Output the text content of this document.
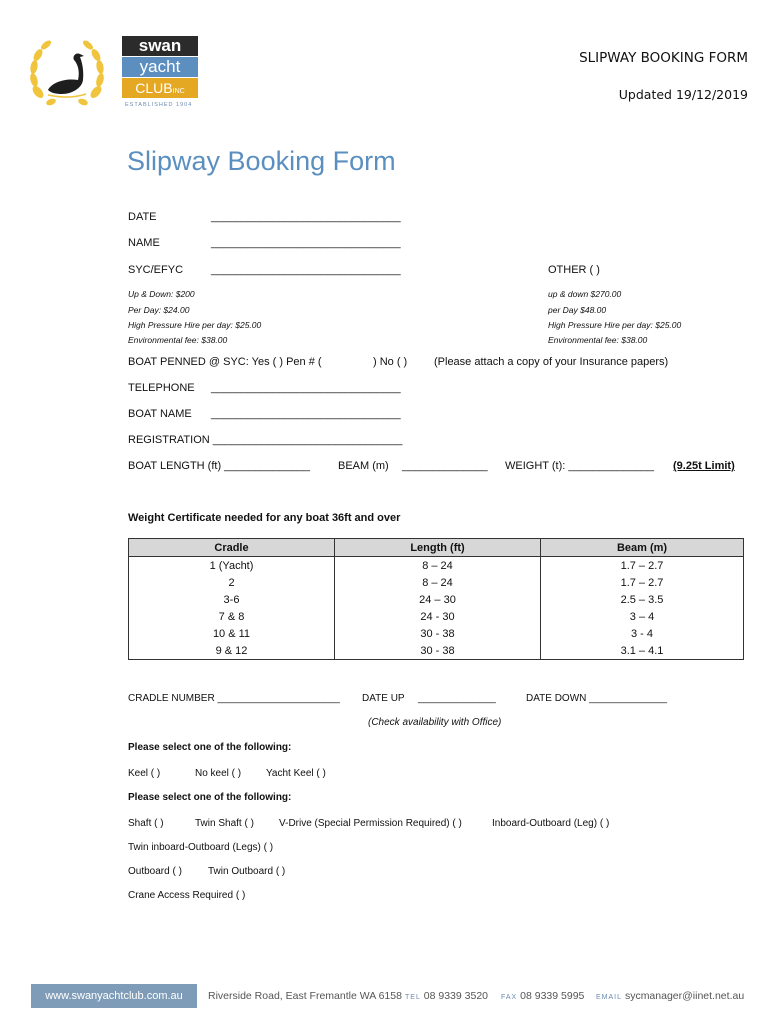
swan
yacht
CLUBINC
ESTABLISHED 1904
SLIPWAY BOOKING FORM
Updated 19/12/2019
Slipway Booking Form
DATE	_______________________________
NAME	_______________________________
SYC/EFYC	_______________________________	OTHER ( )
Up & Down: $200
Per Day: $24.00
High Pressure Hire per day: $25.00
Environmental fee: $38.00
up & down $270.00
per Day $48.00
High Pressure Hire per day: $25.00
Environmental fee: $38.00
BOAT PENNED @ SYC: Yes ( ) Pen # (	) No ( ) (Please attach a copy of your Insurance papers)
TELEPHONE _______________________________
BOAT NAME _______________________________
REGISTRATION _______________________________
BOAT LENGTH (ft) ______________	BEAM (m) ______________ WEIGHT (t): ______________ (9.25t Limit)
Weight Certificate needed for any boat 36ft and over
Cradle	Length (ft)	Beam (m)
1 (Yacht)	8 – 24	1.7 – 2.7
2	8 – 24	1.7 – 2.7
3-6	24 – 30	2.5 – 3.5
7 & 8	24 - 30	3 – 4
10 & 11	30 - 38	3 - 4
9 & 12	30 - 38	3.1 – 4.1
CRADLE NUMBER ______________________ DATE UP ______________	DATE DOWN ______________
(Check availability with Office)
Please select one of the following:
Keel ( )	No keel ( ) Yacht Keel ( )
Please select one of the following:
Shaft ( )	Twin Shaft ( )	V-Drive (Special Permission Required) ( )	Inboard-Outboard (Leg) ( )
Twin inboard-Outboard (Legs) ( )
Outboard ( )	Twin Outboard ( )
Crane Access Required ( )
www.swanyachtclub.com.au	Riverside Road, East Fremantle WA 6158 TEL 08 9339 3520 FAX 08 9339 5995 EMAIL sycmanager@iinet.net.au
